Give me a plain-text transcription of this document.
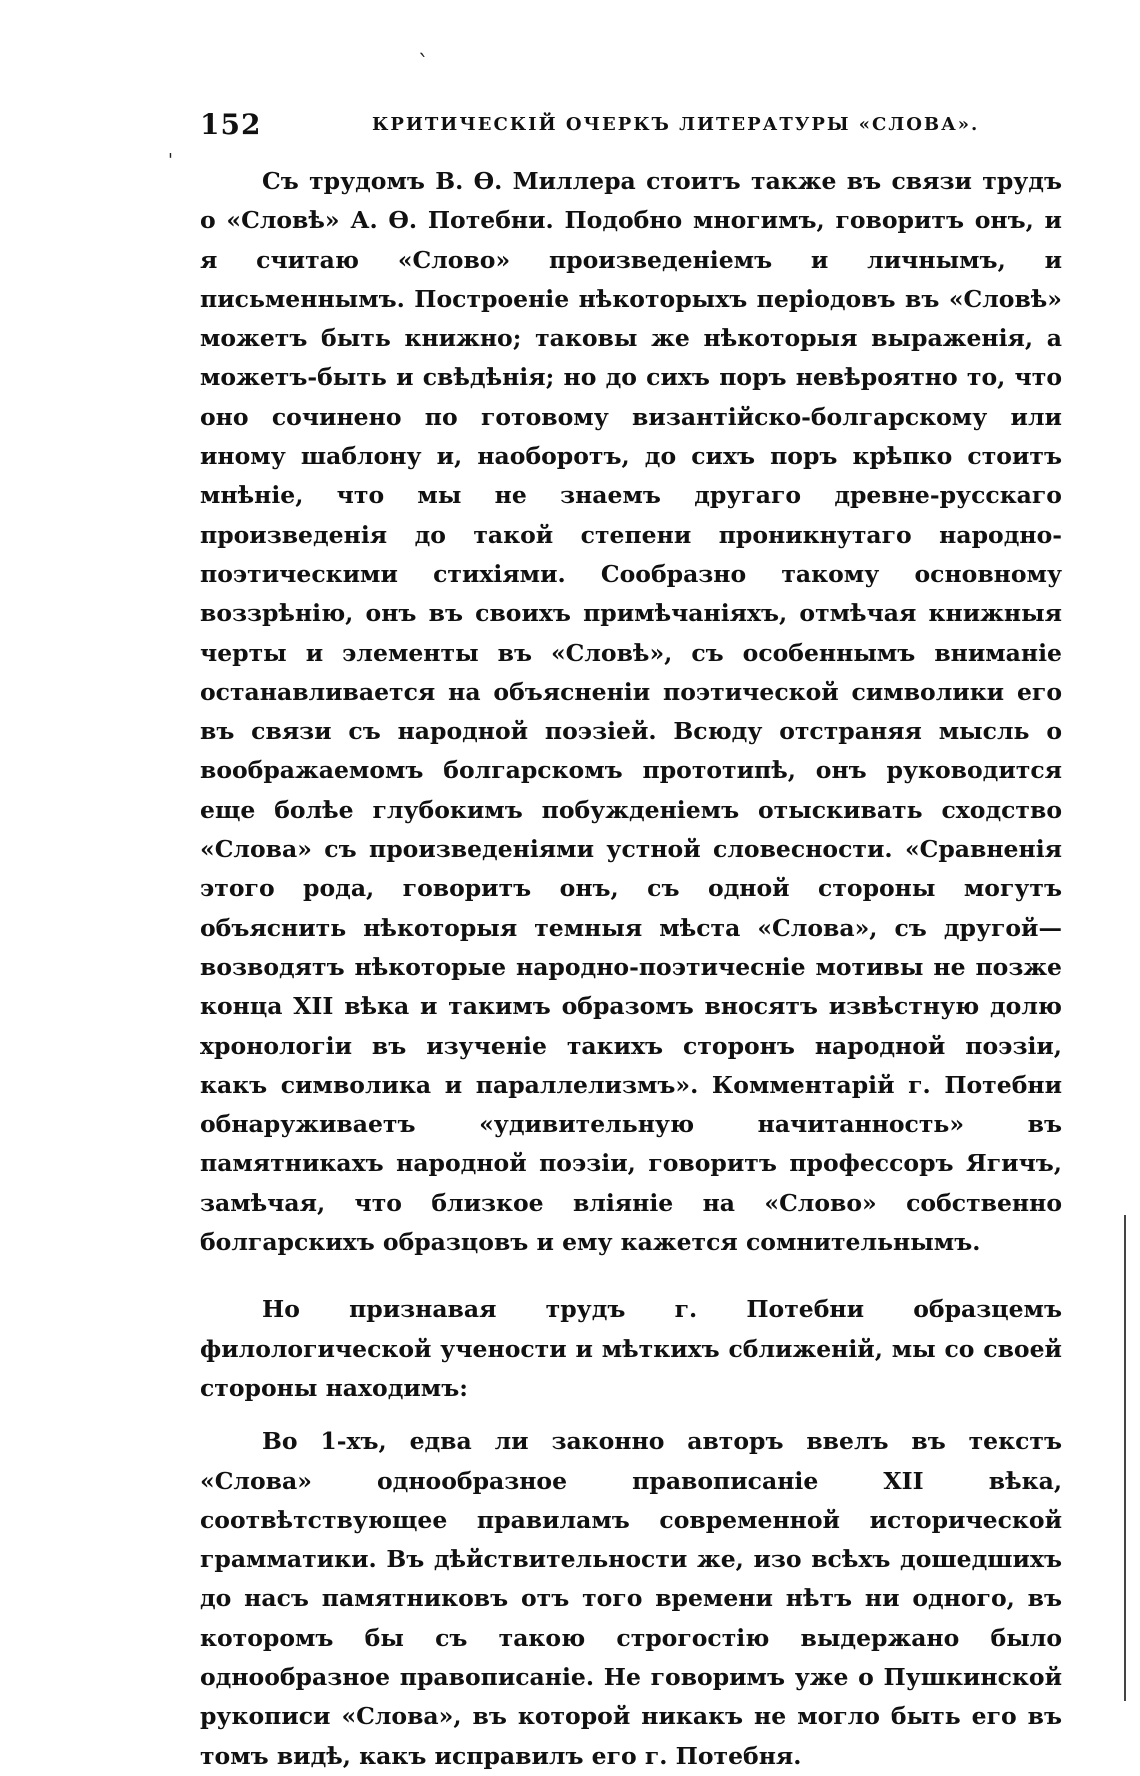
`
'
152	КРИТИЧЕСКІЙ ОЧЕРКЪ ЛИТЕРАТУРЫ «СЛОВА».

Съ трудомъ В. Ѳ. Миллера стоитъ также въ связи трудъ о «Словѣ» А. Ѳ. Потебни. Подобно многимъ, говоритъ онъ, и я считаю «Слово» произведеніемъ и личнымъ, и письменнымъ. Построеніе нѣкоторыхъ періодовъ въ «Словѣ» можетъ быть книжно; таковы же нѣкоторыя выраженія, а можетъ-быть и свѣдѣнія; но до сихъ поръ невѣроятно то, что оно сочинено по готовому византійско-болгарскому или иному шаблону и, наоборотъ, до сихъ поръ крѣпко стоитъ мнѣніе, что мы не знаемъ другаго древне-русскаго произведенія до такой степени проникнутаго народно-поэтическими стихіями. Сообразно такому основному воззрѣнію, онъ въ своихъ примѣчаніяхъ, отмѣчая книжныя черты и элементы въ «Словѣ», съ особеннымъ вниманіе останавливается на объясненіи поэтической символики его въ связи съ народной поэзіей. Всюду отстраняя мысль о воображаемомъ болгарскомъ прототипѣ, онъ руководится еще болѣе глубокимъ побужденіемъ отыскивать сходство «Слова» съ произведеніями устной словесности. «Сравненія этого рода, говоритъ онъ, съ одной стороны могутъ объяснить нѣкоторыя темныя мѣста «Слова», съ другой—возводятъ нѣкоторые народно-поэтичесніе мотивы не позже конца XII вѣка и такимъ образомъ вносятъ извѣстную долю хронологіи въ изученіе такихъ сторонъ народной поэзіи, какъ символика и параллелизмъ». Комментарій г. Потебни обнаруживаетъ «удивительную начитанность» въ памятникахъ народной поэзіи, говоритъ профессоръ Ягичъ, замѣчая, что близкое вліяніе на «Слово» собственно болгарскихъ образцовъ и ему кажется сомнительнымъ.

Но признавая трудъ г. Потебни образцемъ филологической учености и мѣткихъ сближеній, мы со своей стороны находимъ:

Во 1-хъ, едва ли законно авторъ ввелъ въ текстъ «Слова» однообразное правописаніе XII вѣка, соотвѣтствующее правиламъ современной исторической грамматики. Въ дѣйствительности же, изо всѣхъ дошедшихъ до насъ памятниковъ отъ того времени нѣтъ ни одного, въ которомъ бы съ такою строгостію выдержано было однообразное правописаніе. Не говоримъ уже о Пушкинской рукописи «Слова», въ которой никакъ не могло быть его въ томъ видѣ, какъ исправилъ его г. Потебня.
